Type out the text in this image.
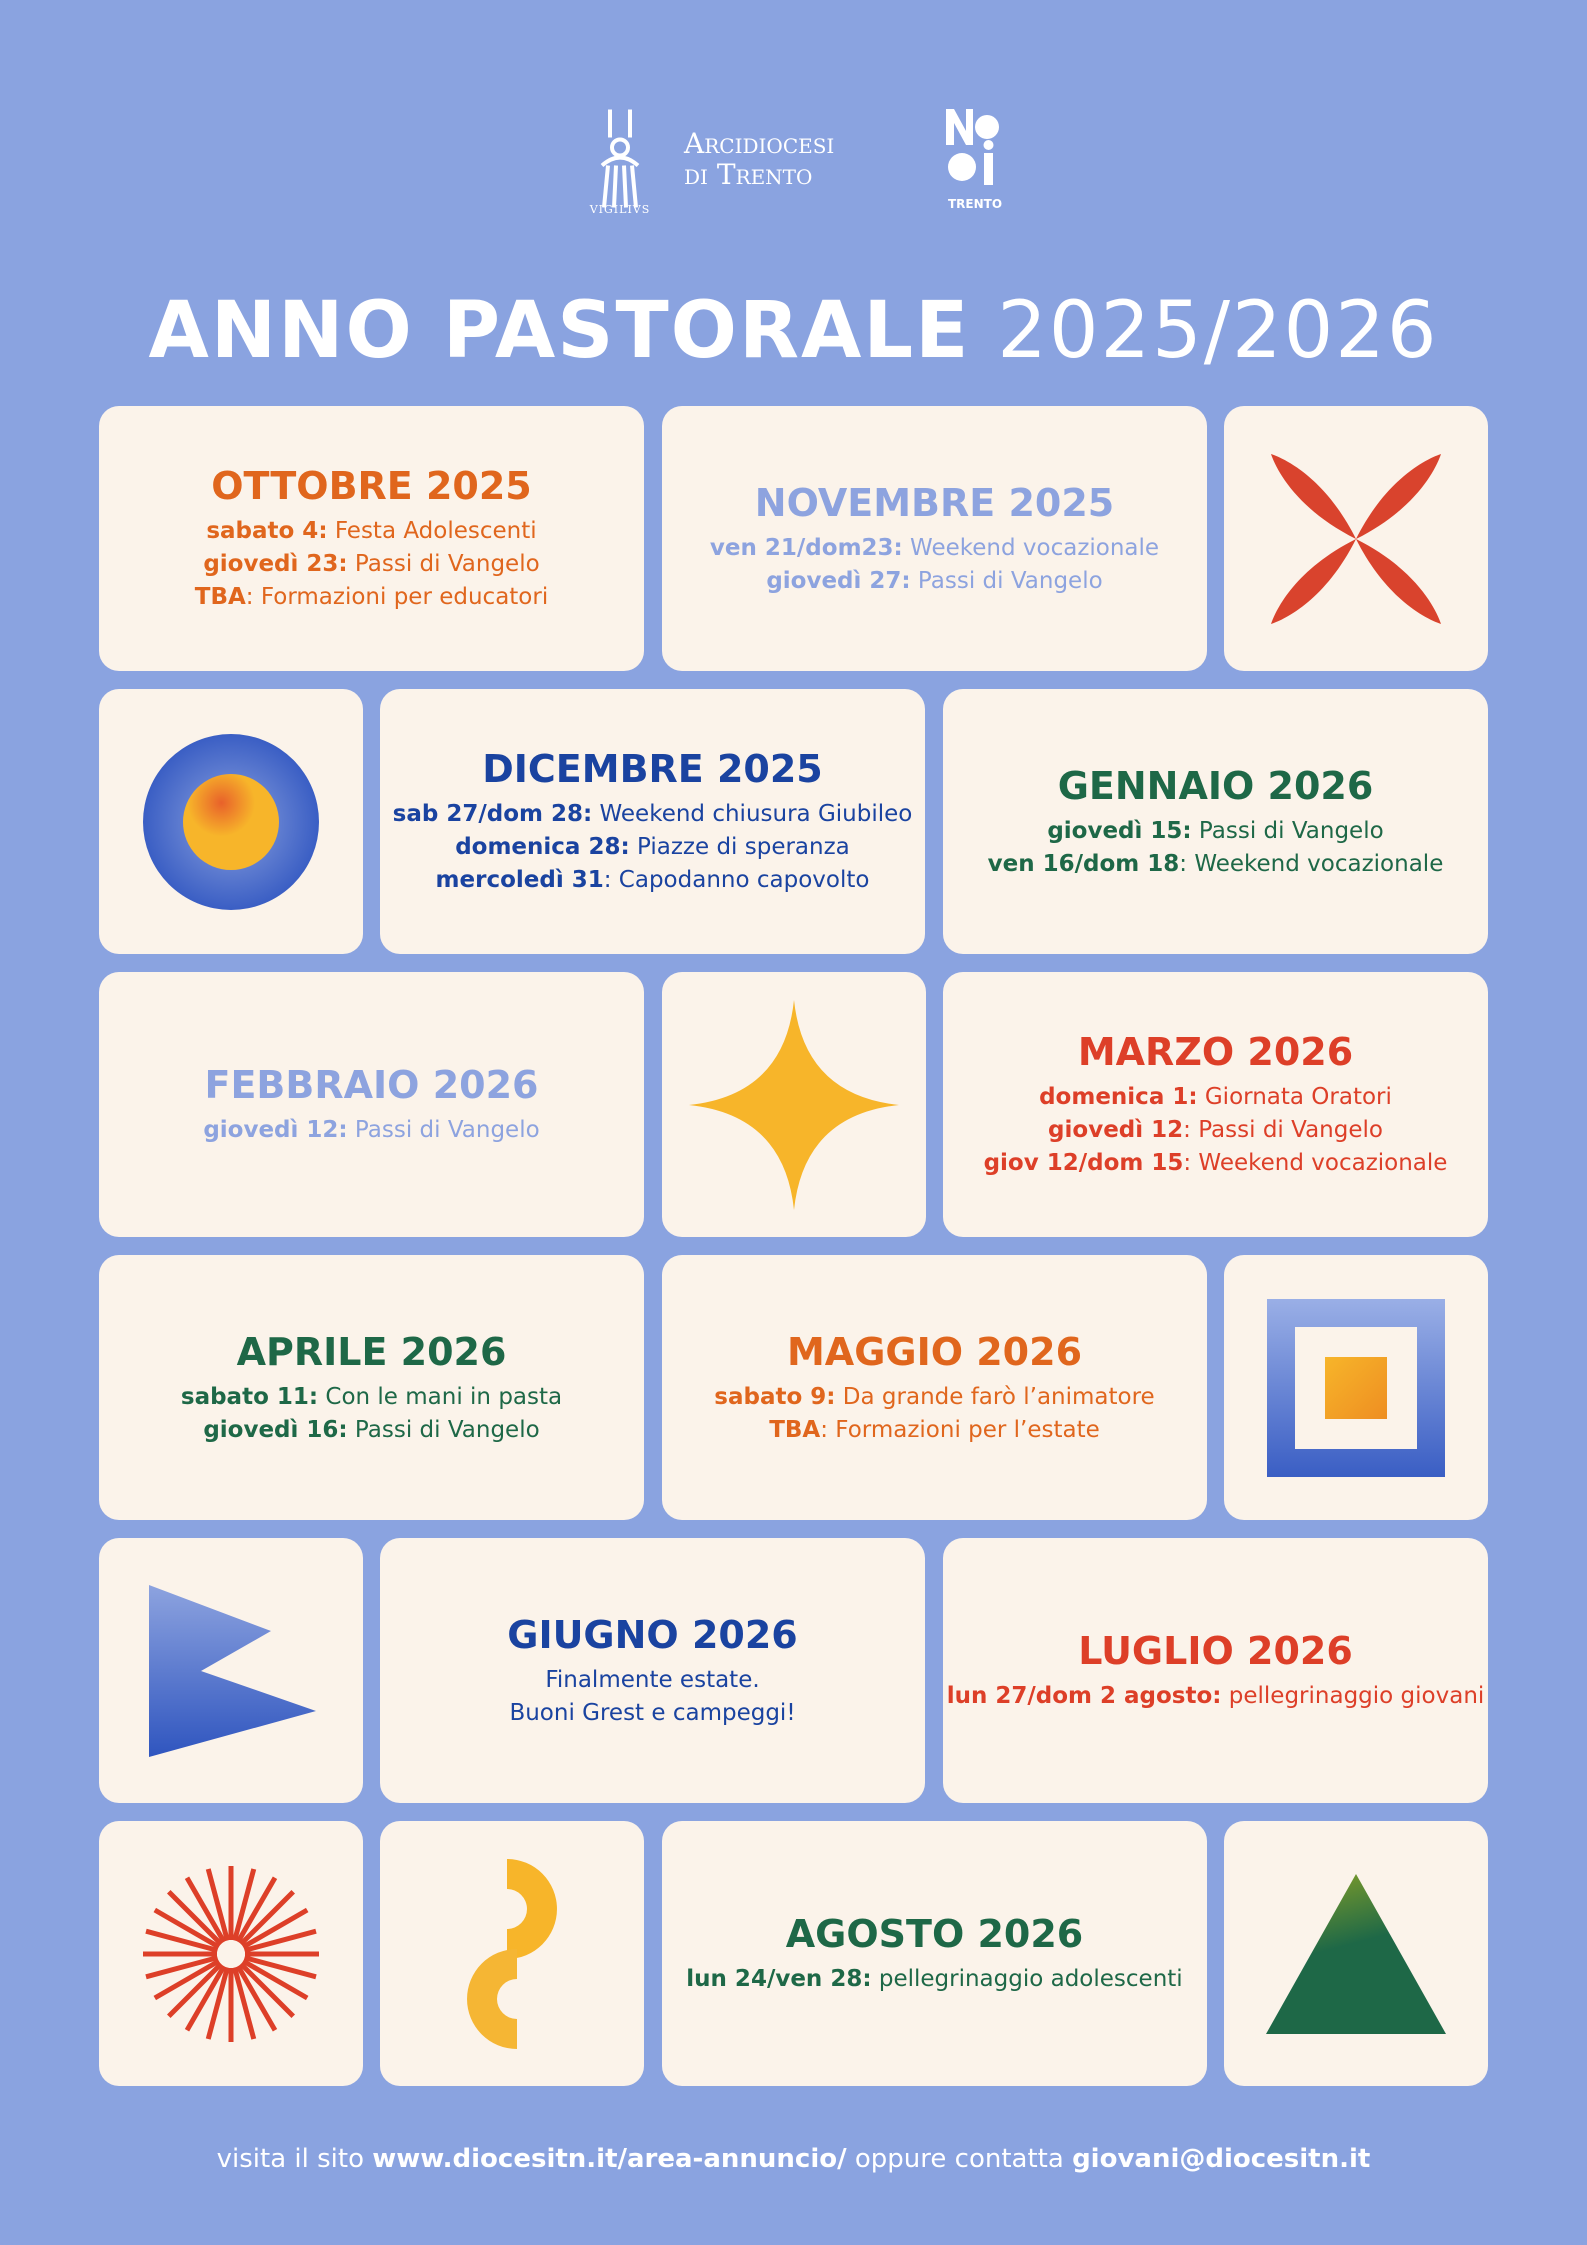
VIGILIVS
Arcidiocesi
di Trento
TRENTO
ANNO PASTORALE 2025/2026
OTTOBRE 2025
sabato 4: Festa Adolescenti
giovedì 23: Passi di Vangelo
TBA: Formazioni per educatori
NOVEMBRE 2025
ven 21/dom23: Weekend vocazionale
giovedì 27: Passi di Vangelo
DICEMBRE 2025
sab 27/dom 28: Weekend chiusura Giubileo
domenica 28: Piazze di speranza
mercoledì 31: Capodanno capovolto
GENNAIO 2026
giovedì 15: Passi di Vangelo
ven 16/dom 18: Weekend vocazionale
FEBBRAIO 2026
giovedì 12: Passi di Vangelo
MARZO 2026
domenica 1: Giornata Oratori
giovedì 12: Passi di Vangelo
giov 12/dom 15: Weekend vocazionale
APRILE 2026
sabato 11: Con le mani in pasta
giovedì 16: Passi di Vangelo
MAGGIO 2026
sabato 9: Da grande farò l’animatore
TBA: Formazioni per l’estate
GIUGNO 2026
Finalmente estate.
Buoni Grest e campeggi!
LUGLIO 2026
lun 27/dom 2 agosto: pellegrinaggio giovani
AGOSTO 2026
lun 24/ven 28: pellegrinaggio adolescenti
visita il sito www.diocesitn.it/area-annuncio/ oppure contatta giovani@diocesitn.it
